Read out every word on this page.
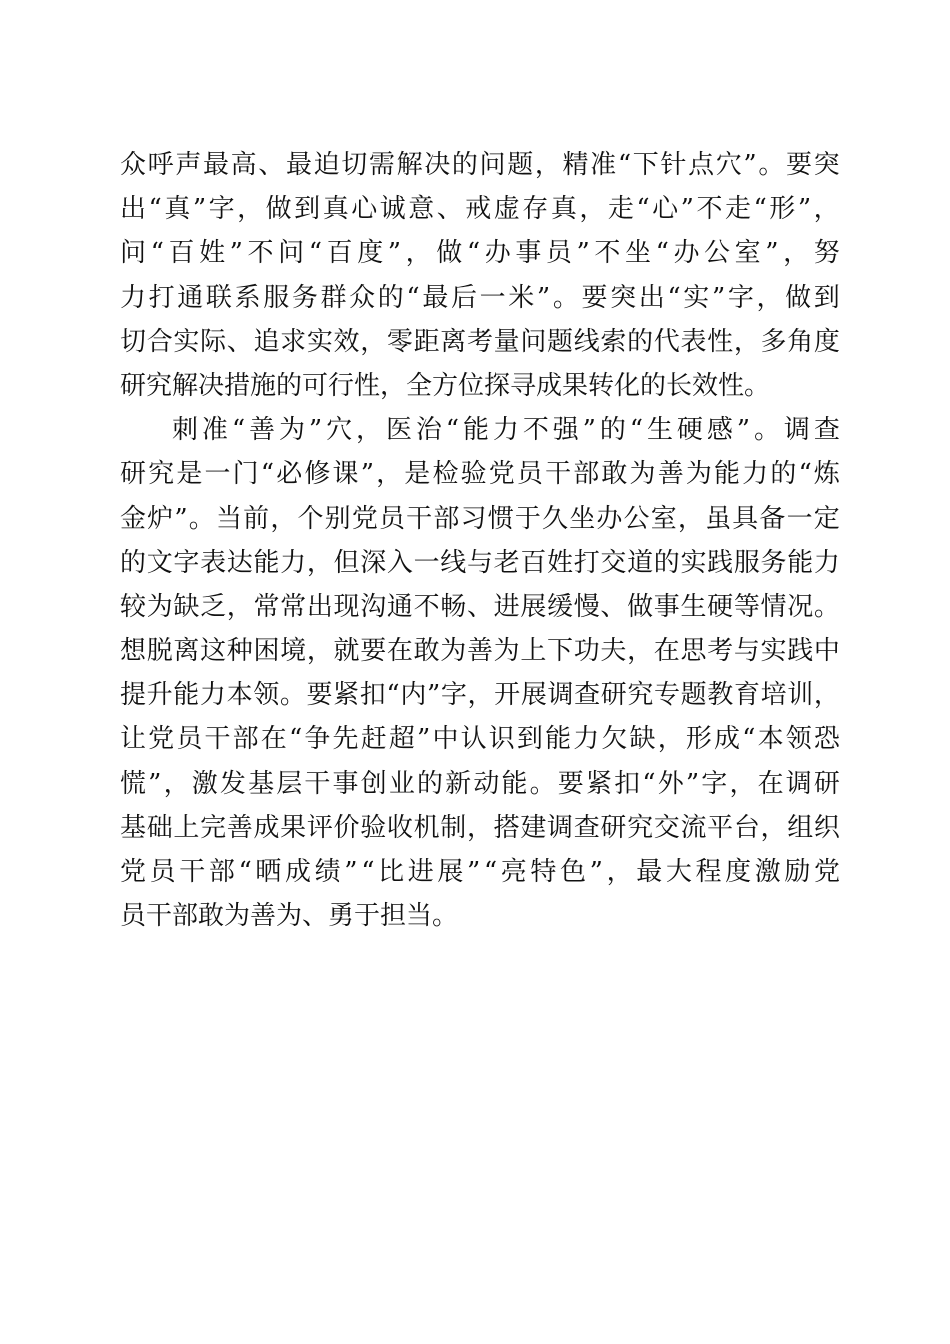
众 呼 声 最 高 、 最 迫 切 需 解 决 的 问 题 ， 精 准 “ 下 针 点 穴 ” 。 要 突
出 “ 真 ” 字 ， 做 到 真 心 诚 意 、 戒 虚 存 真 ， 走 “ 心 ” 不 走 “ 形 ” ，
问 “ 百 姓 ” 不 问 “ 百 度 ” ， 做 “ 办 事 员 ” 不 坐 “ 办 公 室 ” ， 努
力 打 通 联 系 服 务 群 众 的 “ 最 后 一 米 ” 。 要 突 出 “ 实 ” 字 ， 做 到
切 合 实 际 、 追 求 实 效 ， 零 距 离 考 量 问 题 线 索 的 代 表 性 ， 多 角 度
研究解决措施的可行性，全方位探寻成果转化的长效性。
刺 准 “ 善 为 ” 穴 ， 医 治 “ 能 力 不 强 ” 的 “ 生 硬 感 ” 。 调 查
研 究 是 一 门 “ 必 修 课 ” ， 是 检 验 党 员 干 部 敢 为 善 为 能 力 的 “ 炼
金 炉 ” 。 当 前 ， 个 别 党 员 干 部 习 惯 于 久 坐 办 公 室 ， 虽 具 备 一 定
的 文 字 表 达 能 力 ， 但 深 入 一 线 与 老 百 姓 打 交 道 的 实 践 服 务 能 力
较 为 缺 乏 ， 常 常 出 现 沟 通 不 畅 、 进 展 缓 慢 、 做 事 生 硬 等 情 况 。
想 脱 离 这 种 困 境 ， 就 要 在 敢 为 善 为 上 下 功 夫 ， 在 思 考 与 实 践 中
提 升 能 力 本 领 。 要 紧 扣 “ 内 ” 字 ， 开 展 调 查 研 究 专 题 教 育 培 训 ，
让 党 员 干 部 在 “ 争 先 赶 超 ” 中 认 识 到 能 力 欠 缺 ， 形 成 “ 本 领 恐
慌 ” ， 激 发 基 层 干 事 创 业 的 新 动 能 。 要 紧 扣 “ 外 ” 字 ， 在 调 研
基 础 上 完 善 成 果 评 价 验 收 机 制 ， 搭 建 调 查 研 究 交 流 平 台 ， 组 织
党 员 干 部 “ 晒 成 绩 ” “ 比 进 展 ” “ 亮 特 色 ” ， 最 大 程 度 激 励 党
员干部敢为善为、勇于担当。
